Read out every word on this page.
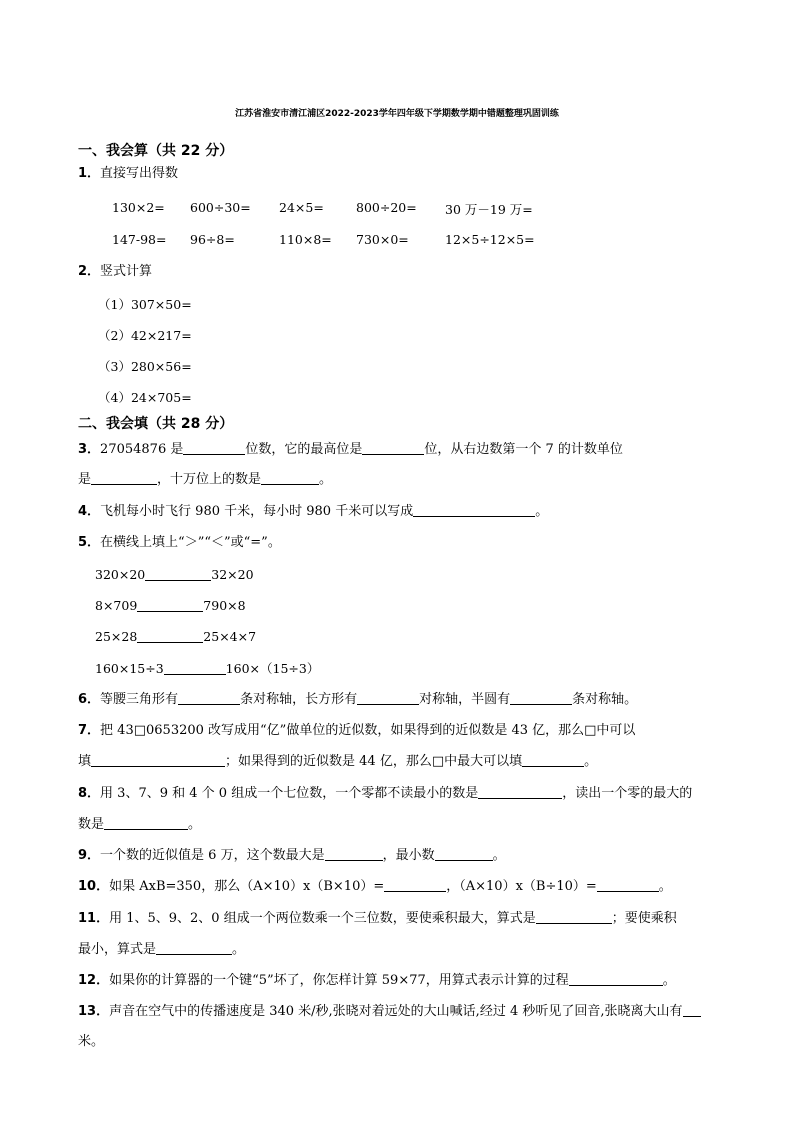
江苏省淮安市清江浦区2022-2023学年四年级下学期数学期中错题整理巩固训练
一、我会算（共 22 分）
1．直接写出得数
130×2= 600÷30= 24×5=	800÷20= 30 万－19 万=
147-98= 96÷8=	110×8= 730×0=	12×5÷12×5=
2．竖式计算
（1）307×50=
（2）42×217=
（3）280×56=
（4）24×705=
二、我会填（共 28 分）
3．27054876 是	位数，它的最高位是	位，从右边数第一个 7 的计数单位
是	，十万位上的数是	。
4．飞机每小时飞行 980 千米，每小时 980 千米可以写成	。
5．在横线上填上“＞”“＜”或“=”。
320×20	32×20
8×709	790×8
25×28	25×4×7
160×15÷3	160×（15÷3）
6．等腰三角形有	条对称轴，长方形有	对称轴，半圆有	条对称轴。
7．把 43□0653200 改写成用“亿”做单位的近似数，如果得到的近似数是 43 亿，那么□中可以
填	；如果得到的近似数是 44 亿，那么□中最大可以填	。
8．用 3、7、9 和 4 个 0 组成一个七位数，一个零都不读最小的数是	，读出一个零的最大的
数是	。
9．一个数的近似值是 6 万，这个数最大是	，最小数	。
10．如果 AxB=350，那么（A×10）x（B×10）=	，（A×10）x（B÷10）=	。
11．用 1、5、9、2、0 组成一个两位数乘一个三位数，要使乘积最大，算式是	；要使乘积
最小，算式是	。
12．如果你的计算器的一个键“5”坏了，你怎样计算 59×77，用算式表示计算的过程	。
13．声音在空气中的传播速度是 340 米/秒,张晓对着远处的大山喊话,经过 4 秒听见了回音,张晓离大山有
米。
